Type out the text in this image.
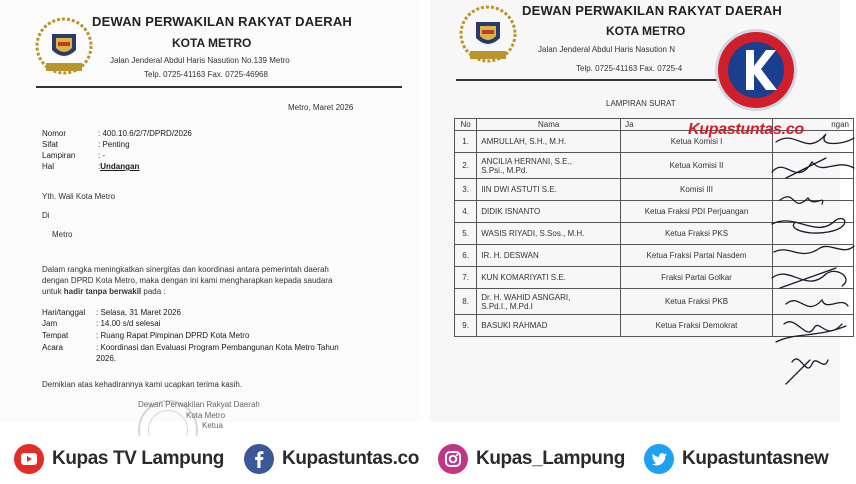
DEWAN PERWAKILAN RAKYAT DAERAH
KOTA METRO
Jalan Jenderal Abdul Haris Nasution No.139 Metro
Telp. 0725-41163 Fax. 0725-46968
Metro, Maret 2026
Nomor	: 400.10.6/2/7/DPRD/2026
Sifat	: Penting
Lampiran	: -
Hal	: Undangan
Yth. Wali Kota Metro
Di
Metro
Dalam rangka meningkatkan sinergitas dan koordinasi antara pemerintah daerah
dengan DPRD Kota Metro, maka dengan ini kami mengharapkan kepada saudara
untuk hadir tanpa berwakil pada :
Hari/tanggal	: Selasa, 31 Maret 2026
Jam	: 14.00 s/d selesai
Tempat	: Ruang Rapat Pimpinan DPRD Kota Metro
Acara	: Koordinasi dan Evaluasi Program Pembangunan Kota Metro Tahun
2026.
Demikian atas kehadirannya kami ucapkan terima kasih.
Dewan Perwakilan Rakyat Daerah
Kota Metro
Ketua
DEWAN PERWAKILAN RAKYAT DAERAH
KOTA METRO
Jalan Jenderal Abdul Haris Nasution N
Telp. 0725-41163 Fax. 0725-4
LAMPIRAN SURAT
No	Nama	Ja	ngan
1.	AMRULLAH, S.H., M.H.	Ketua Komisi I	
2.	ANCILIA HERNANI, S.E.,
S.Psi., M.Pd.	Ketua Komisi II	
3.	IIN DWI ASTUTI S.E.	Komisi III	
4.	DIDIK ISNANTO	Ketua Fraksi PDI Perjuangan	
5.	WASIS RIYADI, S.Sos., M.H.	Ketua Fraksi PKS	
6.	IR. H. DESWAN	Ketua Fraksi Partai Nasdem	
7.	KUN KOMARIYATI S.E.	Fraksi Partai Golkar	
8.	Dr. H. WAHID ASNGARI,
S.Pd.I., M.Pd.I	Ketua Fraksi PKB	
9.	BASUKI RAHMAD	Ketua Fraksi Demokrat	
Kupastuntas.co
Kupas TV Lampung	Kupastuntas.co	Kupas_Lampung	Kupastuntasnew
